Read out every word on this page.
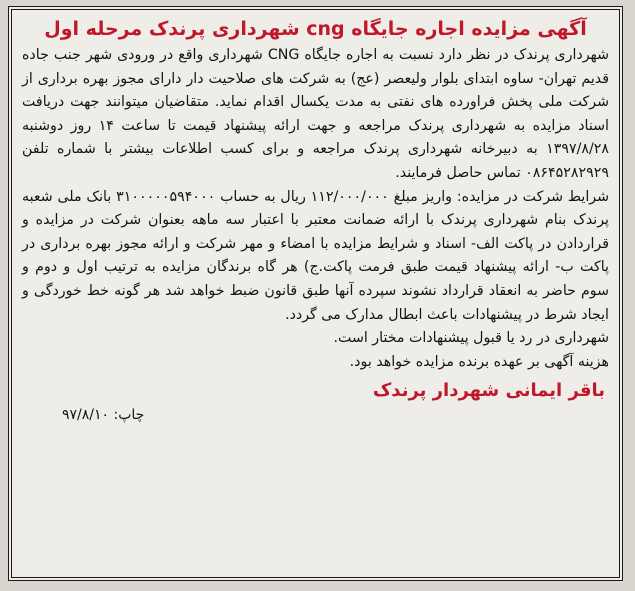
آگهی مزایده اجاره جایگاه cng شهرداری پرندک مرحله اول

شهرداری پرندک در نظر دارد نسبت به اجاره جایگاه CNG شهرداری واقع در ورودی شهر جنب جاده قدیم تهران- ساوه ابتدای بلوار ولیعصر (عج) به شرکت های صلاحیت دار دارای مجوز بهره برداری از شرکت ملی پخش فراورده های نفتی به مدت یکسال اقدام نماید. متقاضیان میتوانند جهت دریافت اسناد مزایده به شهرداری پرندک مراجعه و جهت ارائه پیشنهاد قیمت تا ساعت ۱۴ روز دوشنبه ۱۳۹۷/۸/۲۸ به دبیرخانه شهرداری پرندک مراجعه و برای کسب اطلاعات بیشتر با شماره تلفن ۰۸۶۴۵۲۸۲۹۲۹ تماس حاصل فرمایند.

شرایط شرکت در مزایده: واریز مبلغ ۱۱۲/۰۰۰/۰۰۰ ریال به حساب ۳۱۰۰۰۰۰۵۹۴۰۰۰ بانک ملی شعبه پرندک بنام شهرداری پرندک با ارائه ضمانت معتبر با اعتبار سه ماهه بعنوان شرکت در مزایده و قراردادن در پاکت الف- اسناد و شرایط مزایده با امضاء و مهر شرکت و ارائه مجوز بهره برداری در پاکت ب- ارائه پیشنهاد قیمت طبق فرمت پاکت.ج) هر گاه برندگان مزایده به ترتیب اول و دوم و سوم حاضر به انعقاد قرارداد نشوند سپرده آنها طبق قانون ضبط خواهد شد هر گونه خط خوردگی و ایجاد شرط در پیشنهادات باعث ابطال مدارک می گردد.

شهرداری در رد یا قبول پیشنهادات مختار است.

هزینه آگهی بر عهده برنده مزایده خواهد بود.

باقر ایمانی شهردار پرندک
چاپ: ۹۷/۸/۱۰
